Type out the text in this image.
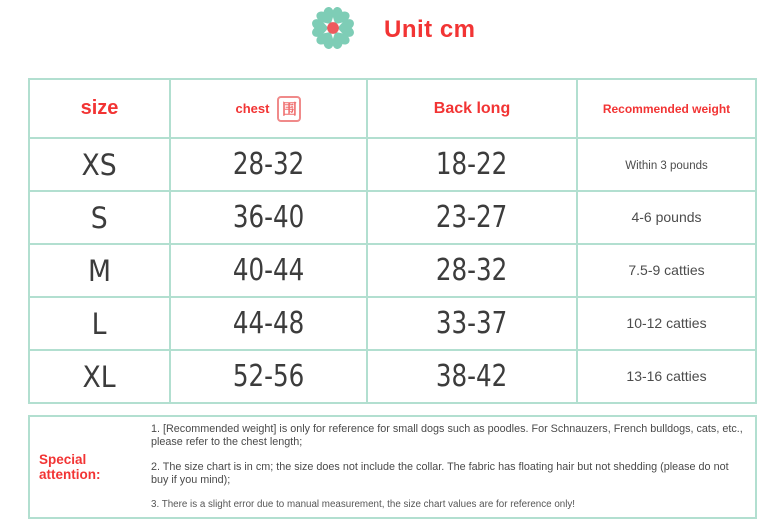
Unit cm
size	chest 围	Back long	Recommended weight
XS	28-32	18-22	Within 3 pounds
S	36-40	23-27	4-6 pounds
M	40-44	28-32	7.5-9 catties
L	44-48	33-37	10-12 catties
XL	52-56	38-42	13-16 catties
Special attention:
1. [Recommended weight] is only for reference for small dogs such as poodles. For Schnauzers, French bulldogs, cats, etc., please refer to the chest length;
2. The size chart is in cm; the size does not include the collar. The fabric has floating hair but not shedding (please do not buy if you mind);
3. There is a slight error due to manual measurement, the size chart values are for reference only!
